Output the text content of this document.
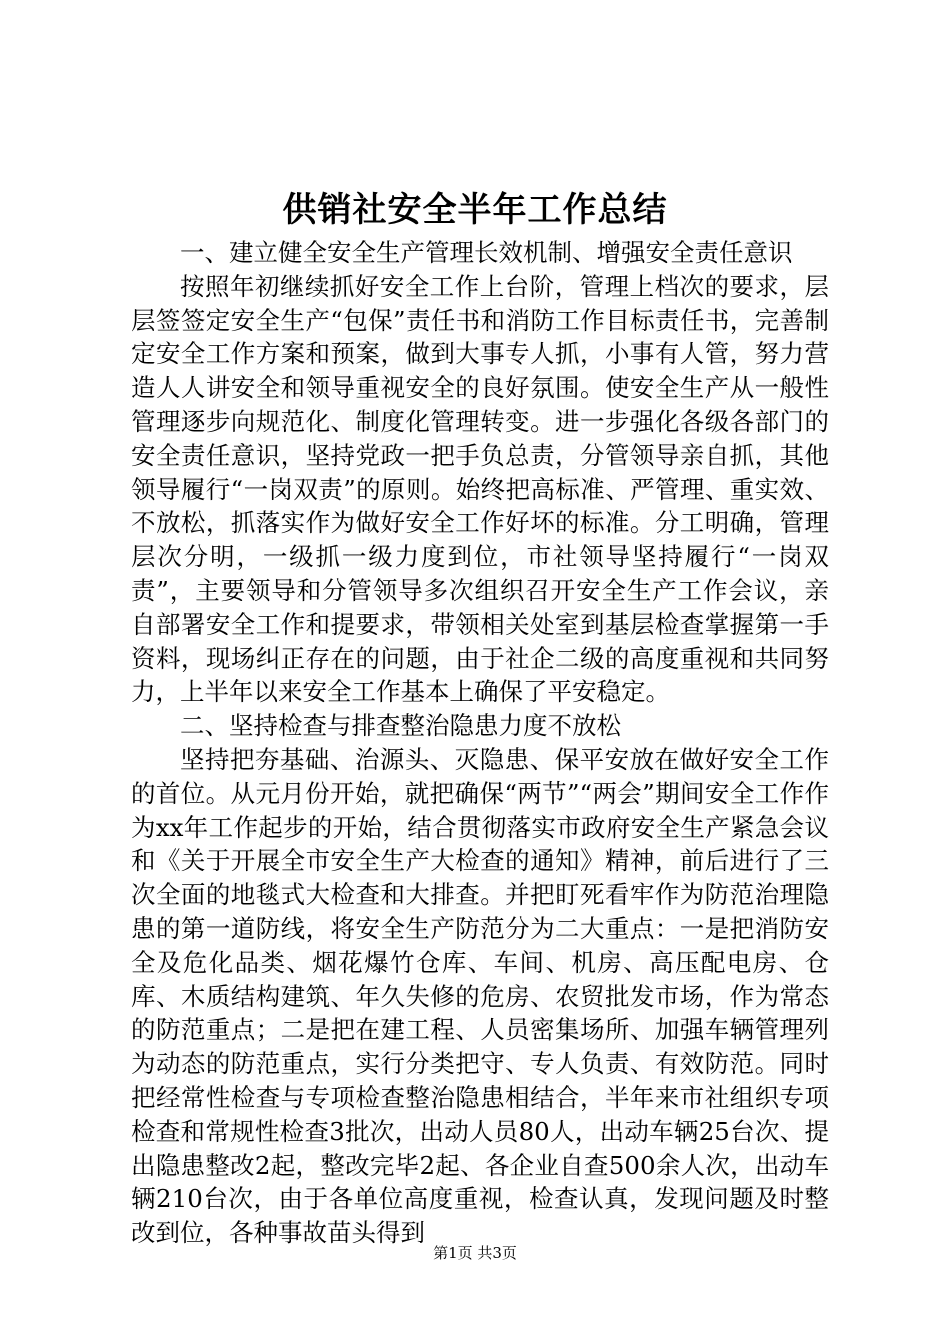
供销社安全半年工作总结

一、建立健全安全生产管理长效机制、增强安全责任意识

按照年初继续抓好安全工作上台阶，管理上档次的要求，层层签签定安全生产“包保”责任书和消防工作目标责任书，完善制定安全工作方案和预案，做到大事专人抓，小事有人管，努力营造人人讲安全和领导重视安全的良好氛围。使安全生产从一般性管理逐步向规范化、制度化管理转变。进一步强化各级各部门的安全责任意识，坚持党政一把手负总责，分管领导亲自抓，其他领导履行“一岗双责”的原则。始终把高标准、严管理、重实效、不放松，抓落实作为做好安全工作好坏的标准。分工明确，管理层次分明，一级抓一级力度到位，市社领导坚持履行“一岗双责”，主要领导和分管领导多次组织召开安全生产工作会议，亲自部署安全工作和提要求，带领相关处室到基层检查掌握第一手资料，现场纠正存在的问题，由于社企二级的高度重视和共同努力，上半年以来安全工作基本上确保了平安稳定。

二、坚持检查与排查整治隐患力度不放松

坚持把夯基础、治源头、灭隐患、保平安放在做好安全工作的首位。从元月份开始，就把确保“两节”“两会”期间安全工作作为xx年工作起步的开始，结合贯彻落实市政府安全生产紧急会议和《关于开展全市安全生产大检查的通知》精神，前后进行了三次全面的地毯式大检查和大排查。并把盯死看牢作为防范治理隐患的第一道防线，将安全生产防范分为二大重点：一是把消防安全及危化品类、烟花爆竹仓库、车间、机房、高压配电房、仓库、木质结构建筑、年久失修的危房、农贸批发市场，作为常态的防范重点；二是把在建工程、人员密集场所、加强车辆管理列为动态的防范重点，实行分类把守、专人负责、有效防范。同时把经常性检查与专项检查整治隐患相结合，半年来市社组织专项检查和常规性检查3批次，出动人员80人，出动车辆25台次、提出隐患整改2起，整改完毕2起、各企业自查500余人次，出动车辆210台次，由于各单位高度重视，检查认真，发现问题及时整改到位，各种事故苗头得到

第1页 共3页
